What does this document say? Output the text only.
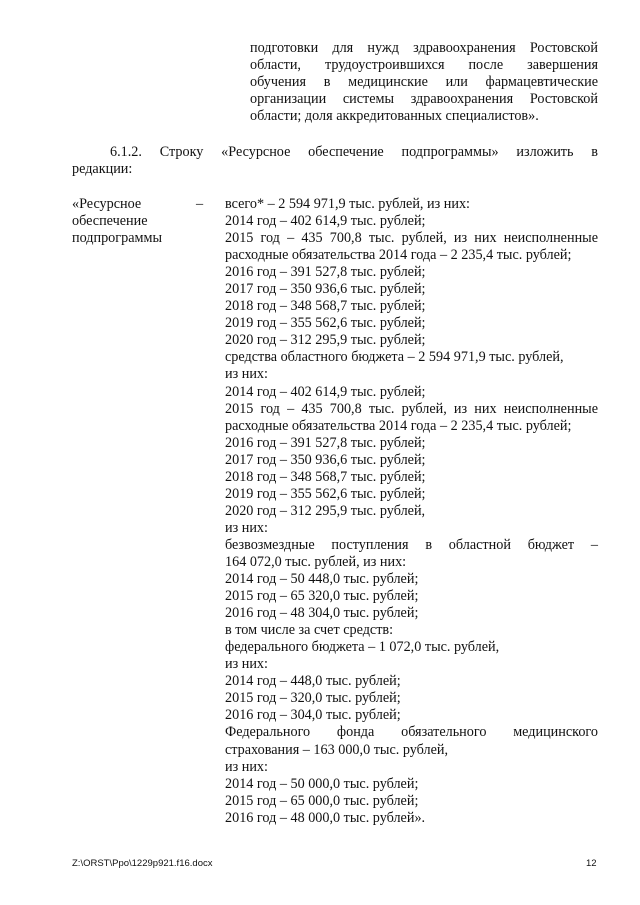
подготовки для нужд здравоохранения Ростовской
области, трудоустроившихся после завершения
обучения в медицинские или фармацевтические
организации системы здравоохранения Ростовской
области; доля аккредитованных специалистов».
6.1.2. Строку «Ресурсное обеспечение подпрограммы» изложить в
редакции:
«Ресурсное
обеспечение
подпрограммы
– всего* – 2 594 971,9 тыс. рублей, из них:
2014 год – 402 614,9 тыс. рублей;
2015 год – 435 700,8 тыс. рублей, из них неисполненные
расходные обязательства 2014 года – 2 235,4 тыс. рублей;
2016 год – 391 527,8 тыс. рублей;
2017 год – 350 936,6 тыс. рублей;
2018 год – 348 568,7 тыс. рублей;
2019 год – 355 562,6 тыс. рублей;
2020 год – 312 295,9 тыс. рублей;
средства областного бюджета – 2 594 971,9 тыс. рублей,
из них:
2014 год – 402 614,9 тыс. рублей;
2015 год – 435 700,8 тыс. рублей, из них неисполненные
расходные обязательства 2014 года – 2 235,4 тыс. рублей;
2016 год – 391 527,8 тыс. рублей;
2017 год – 350 936,6 тыс. рублей;
2018 год – 348 568,7 тыс. рублей;
2019 год – 355 562,6 тыс. рублей;
2020 год – 312 295,9 тыс. рублей,
из них:
безвозмездные поступления в областной бюджет –
164 072,0 тыс. рублей, из них:
2014 год – 50 448,0 тыс. рублей;
2015 год – 65 320,0 тыс. рублей;
2016 год – 48 304,0 тыс. рублей;
в том числе за счет средств:
федерального бюджета – 1 072,0 тыс. рублей,
из них:
2014 год – 448,0 тыс. рублей;
2015 год – 320,0 тыс. рублей;
2016 год – 304,0 тыс. рублей;
Федерального фонда обязательного медицинского
страхования – 163 000,0 тыс. рублей,
из них:
2014 год – 50 000,0 тыс. рублей;
2015 год – 65 000,0 тыс. рублей;
2016 год – 48 000,0 тыс. рублей».
Z:\ORST\Ppo\1229p921.f16.docx	12
